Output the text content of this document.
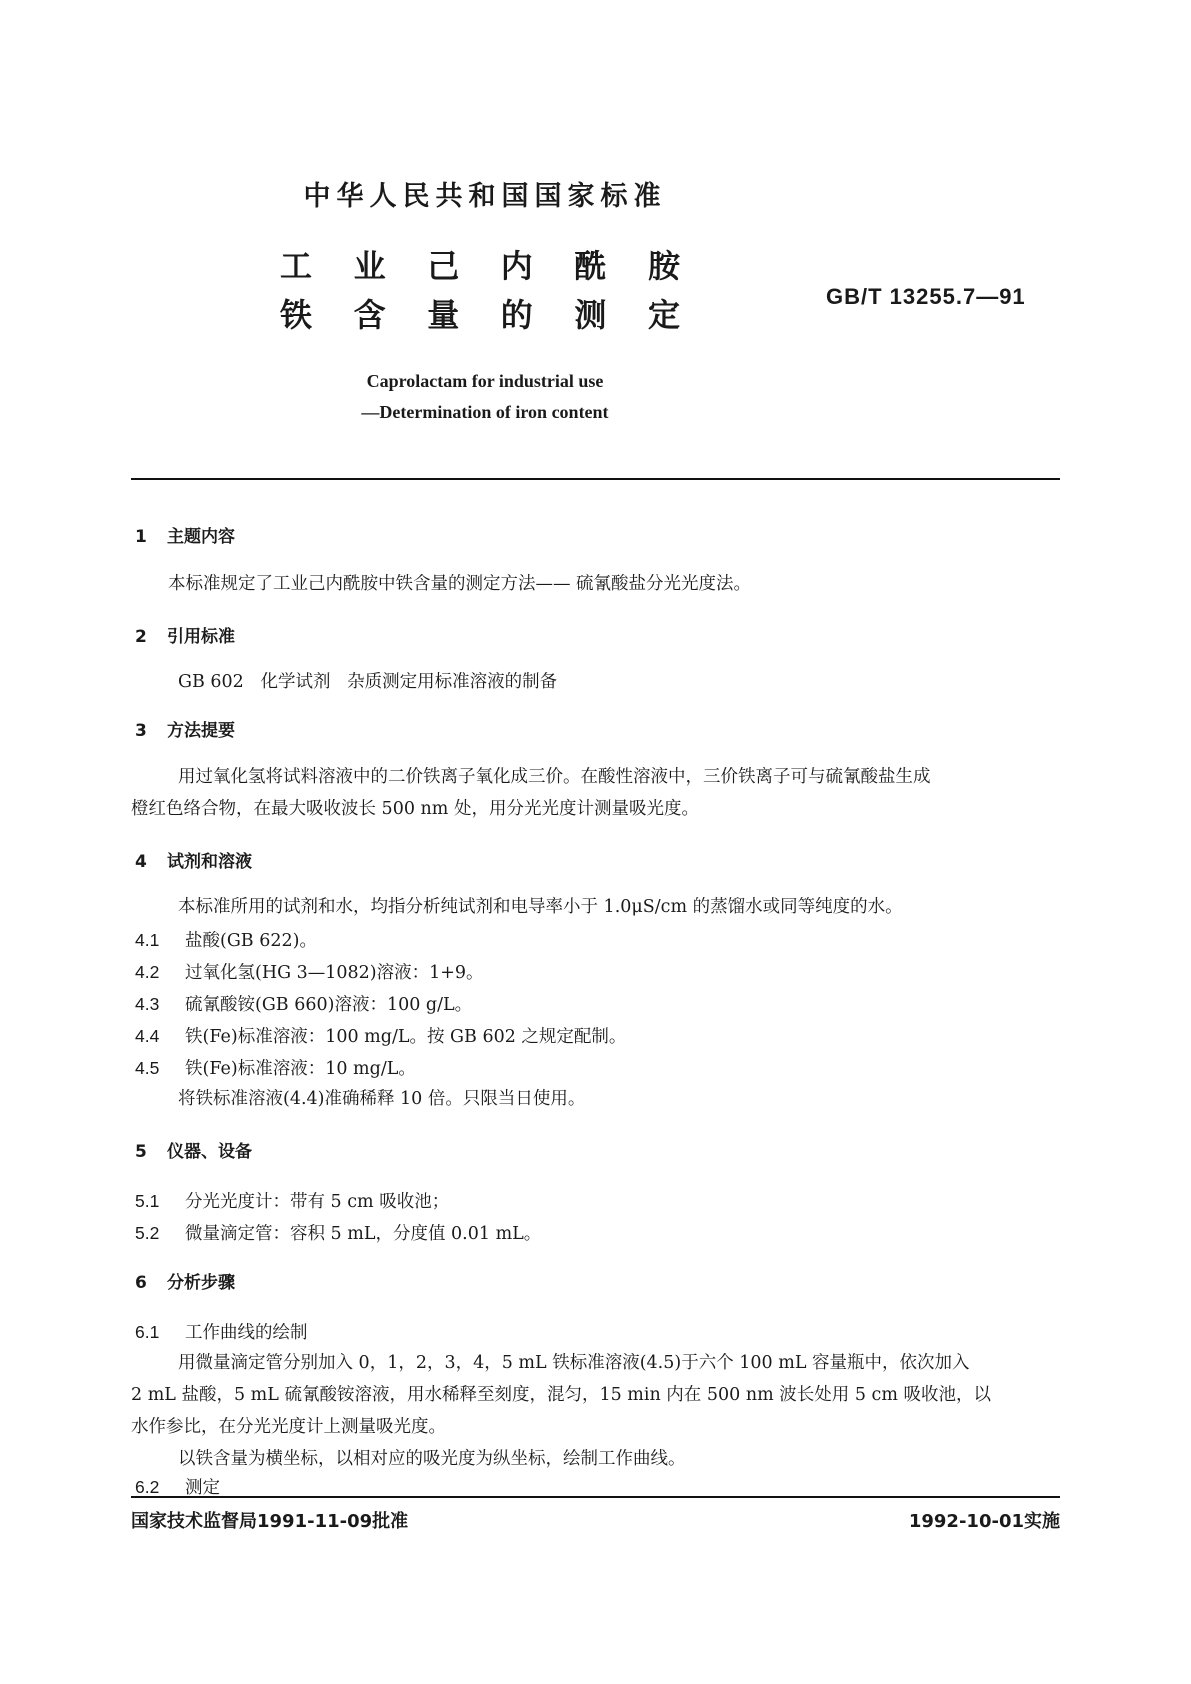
中华人民共和国国家标准
工 业 己 内 酰 胺
铁 含 量 的 测 定	GB/T 13255.7—91
Caprolactam for industrial use
—Determination of iron content
1 主题内容
本标准规定了工业己内酰胺中铁含量的测定方法—— 硫氰酸盐分光光度法。
2 引用标准
GB 602   化学试剂   杂质测定用标准溶液的制备
3 方法提要
用过氧化氢将试料溶液中的二价铁离子氧化成三价。在酸性溶液中，三价铁离子可与硫氰酸盐生成
橙红色络合物，在最大吸收波长 500 nm 处，用分光光度计测量吸光度。
4 试剂和溶液
本标准所用的试剂和水，均指分析纯试剂和电导率小于 1.0μS/cm 的蒸馏水或同等纯度的水。
4.1 盐酸(GB 622)。
4.2 过氧化氢(HG 3—1082)溶液：1+9。
4.3 硫氰酸铵(GB 660)溶液：100 g/L。
4.4 铁(Fe)标准溶液：100 mg/L。按 GB 602 之规定配制。
4.5 铁(Fe)标准溶液：10 mg/L。
将铁标准溶液(4.4)准确稀释 10 倍。只限当日使用。
5 仪器、设备
5.1 分光光度计：带有 5 cm 吸收池；
5.2 微量滴定管：容积 5 mL，分度值 0.01 mL。
6 分析步骤
6.1 工作曲线的绘制
用微量滴定管分别加入 0，1，2，3，4，5 mL 铁标准溶液(4.5)于六个 100 mL 容量瓶中，依次加入
2 mL 盐酸，5 mL 硫氰酸铵溶液，用水稀释至刻度，混匀，15 min 内在 500 nm 波长处用 5 cm 吸收池，以
水作参比，在分光光度计上测量吸光度。
以铁含量为横坐标，以相对应的吸光度为纵坐标，绘制工作曲线。
6.2 测定
国家技术监督局1991-11-09批准	1992-10-01实施
